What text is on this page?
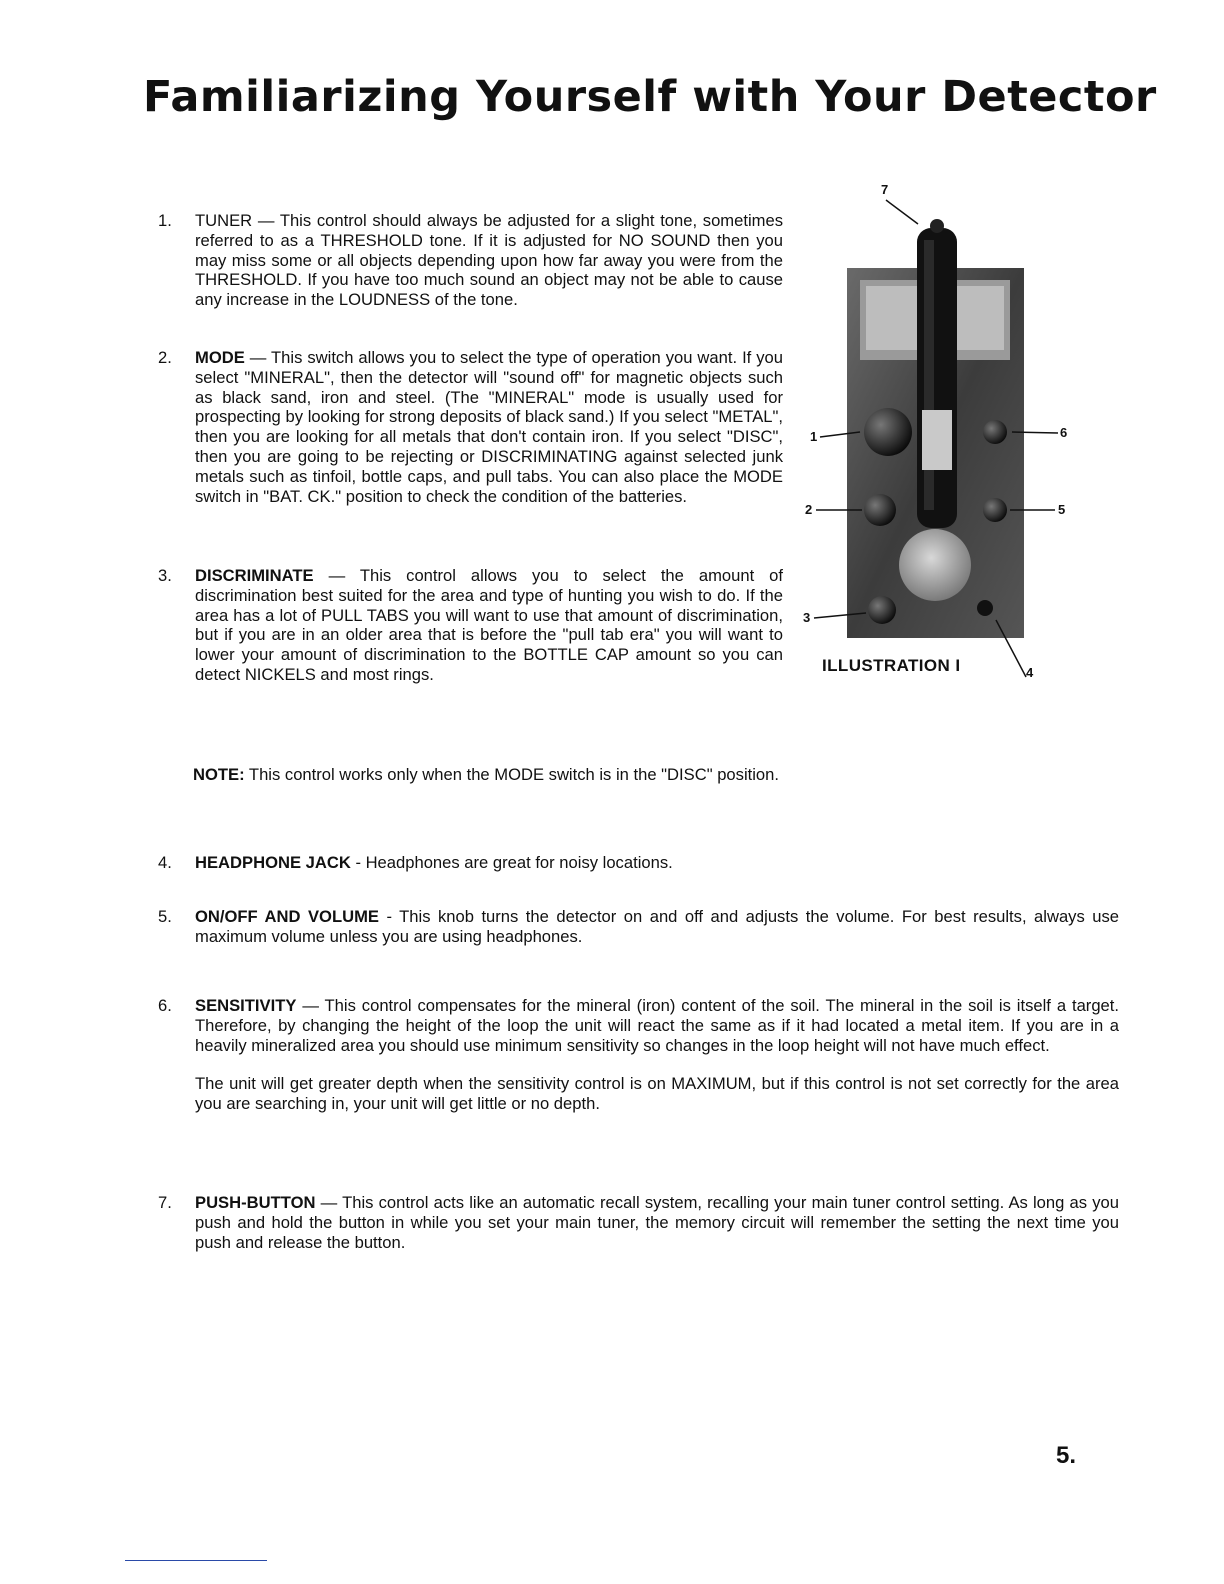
Familiarizing Yourself with Your Detector
1. TUNER — This control should always be adjusted for a slight tone, sometimes referred to as a THRESHOLD tone. If it is adjusted for NO SOUND then you may miss some or all objects depending upon how far away you were from the THRESHOLD. If you have too much sound an object may not be able to cause any increase in the LOUDNESS of the tone.
2. MODE — This switch allows you to select the type of operation you want. If you select "MINERAL", then the detector will "sound off" for magnetic objects such as black sand, iron and steel. (The "MINERAL" mode is usually used for prospecting by looking for strong deposits of black sand.) If you select "METAL", then you are looking for all metals that don't contain iron. If you select "DISC", then you are going to be rejecting or DISCRIMINATING against selected junk metals such as tinfoil, bottle caps, and pull tabs. You can also place the MODE switch in "BAT. CK." position to check the condition of the batteries.
3. DISCRIMINATE — This control allows you to select the amount of discrimination best suited for the area and type of hunting you wish to do. If the area has a lot of PULL TABS you will want to use that amount of discrimination, but if you are in an older area that is before the "pull tab era" you will want to lower your amount of discrimination to the BOTTLE CAP amount so you can detect NICKELS and most rings.
NOTE: This control works only when the MODE switch is in the "DISC" position.
4. HEADPHONE JACK - Headphones are great for noisy locations.
5. ON/OFF AND VOLUME - This knob turns the detector on and off and adjusts the volume. For best results, always use maximum volume unless you are using headphones.
6. SENSITIVITY — This control compensates for the mineral (iron) content of the soil. The mineral in the soil is itself a target. Therefore, by changing the height of the loop the unit will react the same as if it had located a metal item. If you are in a heavily mineralized area you should use minimum sensitivity so changes in the loop height will not have much effect.

The unit will get greater depth when the sensitivity control is on MAXIMUM, but if this control is not set correctly for the area you are searching in, your unit will get little or no depth.

7. PUSH-BUTTON — This control acts like an automatic recall system, recalling your main tuner control setting. As long as you push and hold the button in while you set your main tuner, the memory circuit will remember the setting the next time you push and release the button.
7
1
2
3
4
5
6
ILLUSTRATION I
5.
